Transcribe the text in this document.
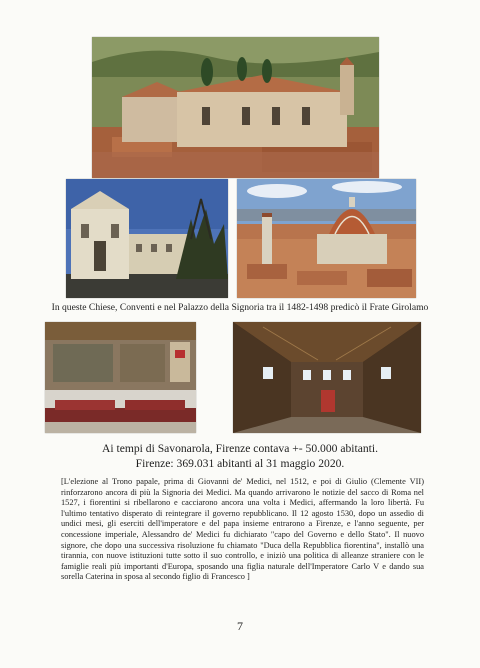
In queste Chiese, Conventi e nel Palazzo della Signoria tra il 1482-1498 predicò il Frate Girolamo
Ai tempi di Savonarola, Firenze contava +- 50.000 abitanti.
Firenze: 369.031 abitanti al 31 maggio 2020.
[L'elezione al Trono papale, prima di Giovanni de' Medici, nel 1512, e poi di Giulio (Clemente VII) rinforzarono ancora di più la Signoria dei Medici. Ma quando arrivarono le notizie del sacco di Roma nel 1527, i fiorentini si ribellarono e cacciarono ancora una volta i Medici, affermando la loro libertà. Fu l'ultimo tentativo disperato di reintegrare il governo repubblicano. Il 12 agosto 1530, dopo un assedio di undici mesi, gli eserciti dell'imperatore e del papa insieme entrarono a Firenze, e l'anno seguente, per concessione imperiale, Alessandro de' Medici fu dichiarato "capo del Governo e dello Stato". Il nuovo signore, che dopo una successiva risoluzione fu chiamato "Duca della Repubblica fiorentina", installò una tirannia, con nuove istituzioni tutte sotto il suo controllo, e iniziò una politica di alleanze straniere con le famiglie reali più importanti d'Europa, sposando una figlia naturale dell'Imperatore Carlo V e dando sua sorella Caterina in sposa al secondo figlio di Francesco ]
7
